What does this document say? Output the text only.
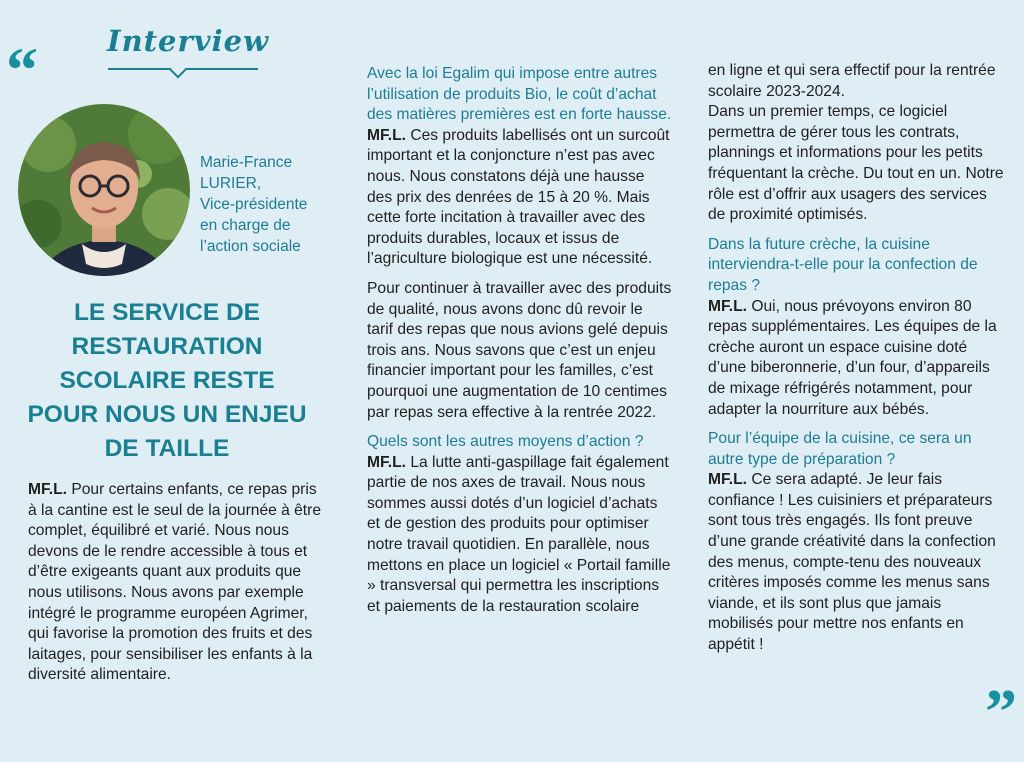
“	Interview
Marie-France
LURIER,
Vice-présidente
en charge de
l’action sociale
LE SERVICE DE RESTAURATION SCOLAIRE RESTE POUR NOUS UN ENJEU DE TAILLE

MF.L. Pour certains enfants, ce repas pris à la cantine est le seul de la journée à être complet, équilibré et varié. Nous nous devons de le rendre accessible à tous et d’être exigeants quant aux produits que nous utilisons. Nous avons par exemple intégré le programme européen Agrimer, qui favorise la promotion des fruits et des laitages, pour sensibiliser les enfants à la diversité alimentaire.

Avec la loi Egalim qui impose entre autres l’utilisation de produits Bio, le coût d’achat des matières premières est en forte hausse.

MF.L. Ces produits labellisés ont un surcoût important et la conjoncture n’est pas avec nous. Nous constatons déjà une hausse des prix des denrées de 15 à 20 %. Mais cette forte incitation à travailler avec des produits durables, locaux et issus de l’agriculture biologique est une nécessité.

Pour continuer à travailler avec des produits de qualité, nous avons donc dû revoir le tarif des repas que nous avions gelé depuis trois ans. Nous savons que c’est un enjeu financier important pour les familles, c’est pourquoi une augmentation de 10 centimes par repas sera effective à la rentrée 2022.

Quels sont les autres moyens d’action ?

MF.L. La lutte anti-gaspillage fait également partie de nos axes de travail. Nous nous sommes aussi dotés d’un logiciel d’achats et de gestion des produits pour optimiser notre travail quotidien. En parallèle, nous mettons en place un logiciel « Portail famille » transversal qui permettra les inscriptions et paiements de la restauration scolaire

en ligne et qui sera effectif pour la rentrée scolaire 2023-2024.

Dans un premier temps, ce logiciel permettra de gérer tous les contrats, plannings et informations pour les petits fréquentant la crèche. Du tout en un. Notre rôle est d’offrir aux usagers des services de proximité optimisés.

Dans la future crèche, la cuisine interviendra-t-elle pour la confection de repas ?

MF.L. Oui, nous prévoyons environ 80 repas supplémentaires. Les équipes de la crèche auront un espace cuisine doté d’une biberonnerie, d’un four, d’appareils de mixage réfrigérés notamment, pour adapter la nourriture aux bébés.

Pour l’équipe de la cuisine, ce sera un autre type de préparation ?

MF.L. Ce sera adapté. Je leur fais confiance ! Les cuisiniers et préparateurs sont tous très engagés. Ils font preuve d’une grande créativité dans la confection des menus, compte-tenu des nouveaux critères imposés comme les menus sans viande, et ils sont plus que jamais mobilisés pour mettre nos enfants en appétit !

”
